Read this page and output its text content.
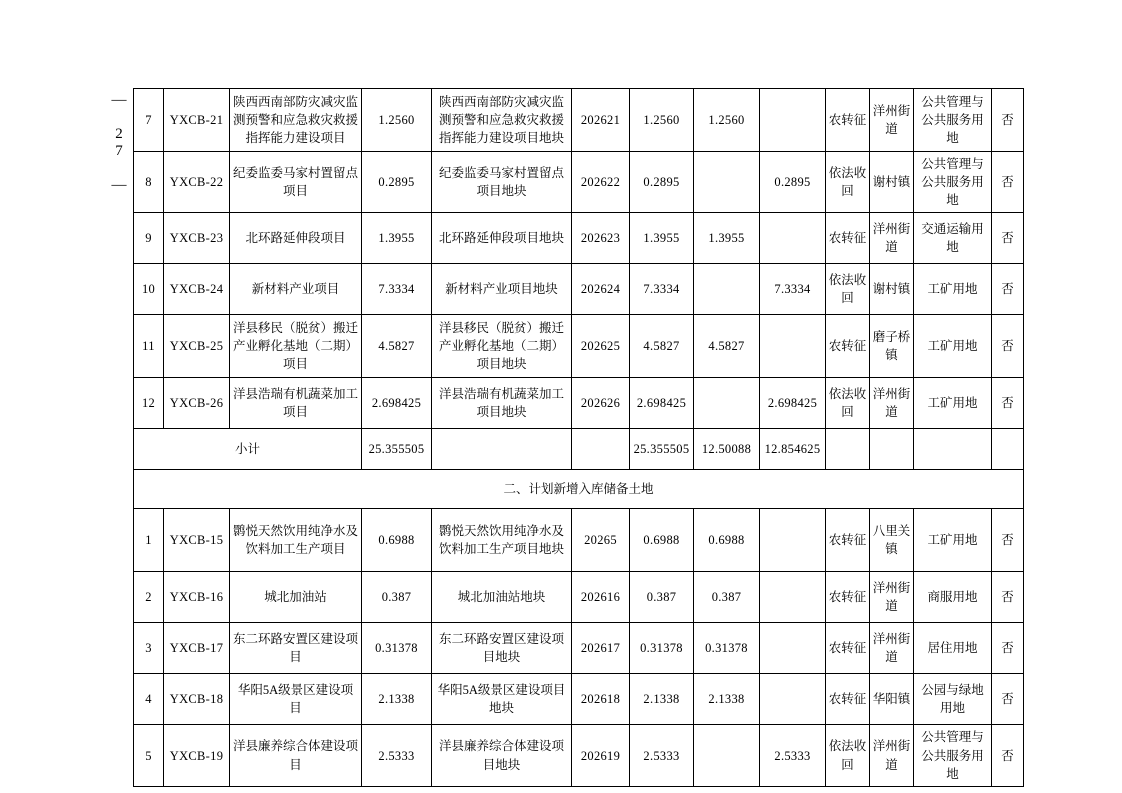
— 27 — 7	YXCB-21	陕西西南部防灾减灾监测预警和应急救灾救援指挥能力建设项目	1.2560	陕西西南部防灾减灾监测预警和应急救灾救援指挥能力建设项目地块	202621	1.2560	1.2560		农转征	洋州街道	公共管理与公共服务用地	否
8	YXCB-22	纪委监委马家村置留点项目	0.2895	纪委监委马家村置留点项目地块	202622	0.2895		0.2895	依法收回	谢村镇	公共管理与公共服务用地	否
9	YXCB-23	北环路延伸段项目	1.3955	北环路延伸段项目地块	202623	1.3955	1.3955		农转征	洋州街道	交通运输用地	否
10	YXCB-24	新材料产业项目	7.3334	新材料产业项目地块	202624	7.3334		7.3334	依法收回	谢村镇	工矿用地	否
11	YXCB-25	洋县移民（脱贫）搬迁产业孵化基地（二期）项目	4.5827	洋县移民（脱贫）搬迁产业孵化基地（二期）项目地块	202625	4.5827	4.5827		农转征	磨子桥镇	工矿用地	否
12	YXCB-26	洋县浩瑞有机蔬菜加工项目	2.698425	洋县浩瑞有机蔬菜加工项目地块	202626	2.698425		2.698425	依法收回	洋州街道	工矿用地	否
小计			25.355505			25.355505	12.50088	12.854625				
二、计划新增入库储备土地												
1	YXCB-15	鹮悦天然饮用纯净水及饮料加工生产项目	0.6988	鹮悦天然饮用纯净水及饮料加工生产项目地块	20265	0.6988	0.6988		农转征	八里关镇	工矿用地	否
2	YXCB-16	城北加油站	0.387	城北加油站地块	202616	0.387	0.387		农转征	洋州街道	商服用地	否
3	YXCB-17	东二环路安置区建设项目	0.31378	东二环路安置区建设项目地块	202617	0.31378	0.31378		农转征	洋州街道	居住用地	否
4	YXCB-18	华阳5A级景区建设项目	2.1338	华阳5A级景区建设项目地块	202618	2.1338	2.1338		农转征	华阳镇	公园与绿地用地	否
5	YXCB-19	洋县廉养综合体建设项目	2.5333	洋县廉养综合体建设项目地块	202619	2.5333		2.5333	依法收回	洋州街道	公共管理与公共服务用地	否
